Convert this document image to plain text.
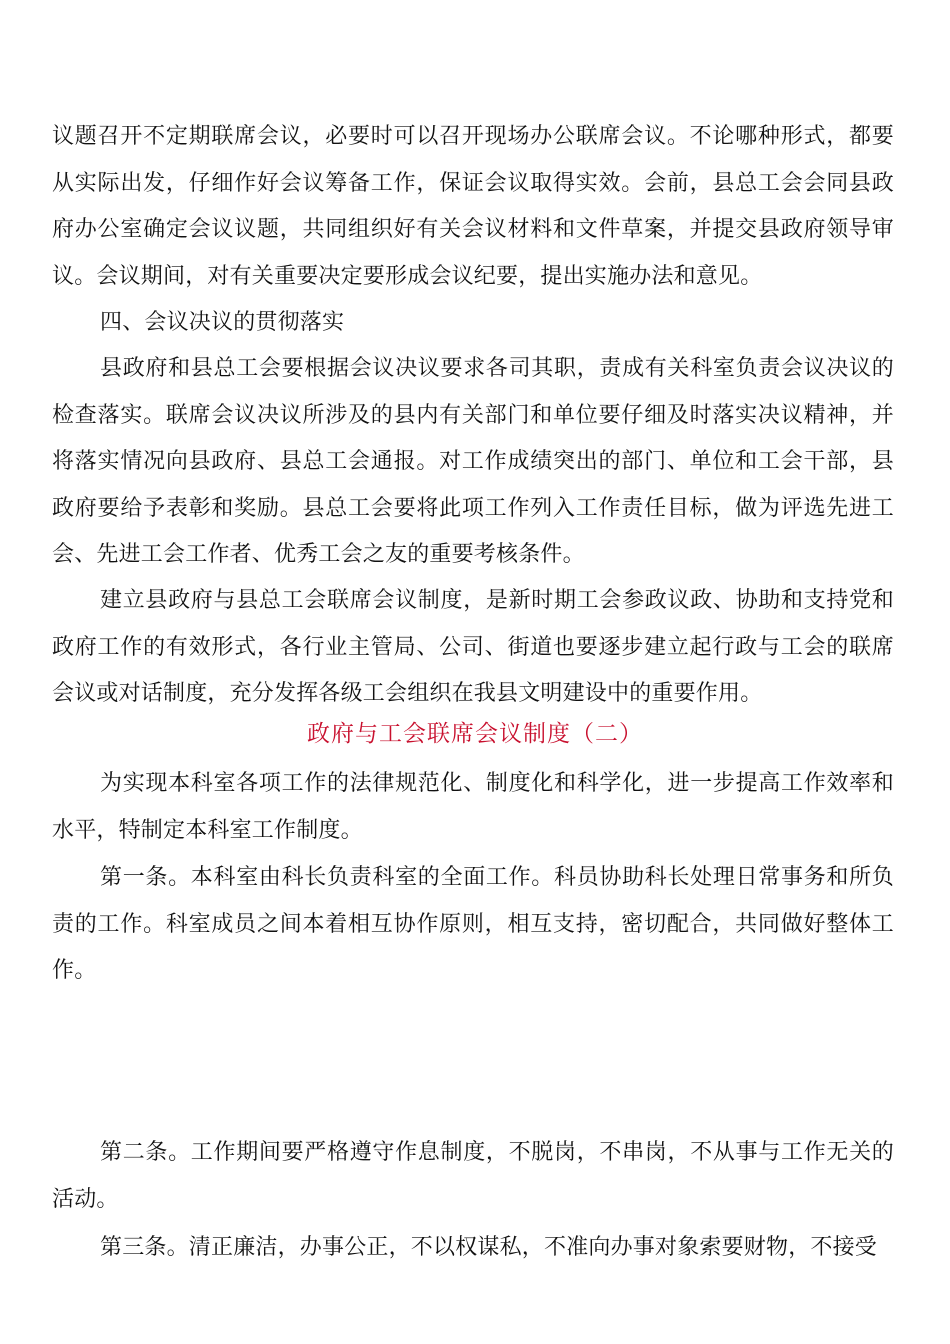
议题召开不定期联席会议，必要时可以召开现场办公联席会议。不论哪种形式，都要从实际出发，仔细作好会议筹备工作，保证会议取得实效。会前，县总工会会同县政府办公室确定会议议题，共同组织好有关会议材料和文件草案，并提交县政府领导审议。会议期间，对有关重要决定要形成会议纪要，提出实施办法和意见。

四、会议决议的贯彻落实

县政府和县总工会要根据会议决议要求各司其职，责成有关科室负责会议决议的检查落实。联席会议决议所涉及的县内有关部门和单位要仔细及时落实决议精神，并将落实情况向县政府、县总工会通报。对工作成绩突出的部门、单位和工会干部，县政府要给予表彰和奖励。县总工会要将此项工作列入工作责任目标，做为评选先进工会、先进工会工作者、优秀工会之友的重要考核条件。

建立县政府与县总工会联席会议制度，是新时期工会参政议政、协助和支持党和政府工作的有效形式，各行业主管局、公司、街道也要逐步建立起行政与工会的联席会议或对话制度，充分发挥各级工会组织在我县文明建设中的重要作用。

政府与工会联席会议制度（二）

为实现本科室各项工作的法律规范化、制度化和科学化，进一步提高工作效率和水平，特制定本科室工作制度。

第一条。本科室由科长负责科室的全面工作。科员协助科长处理日常事务和所负责的工作。科室成员之间本着相互协作原则，相互支持，密切配合，共同做好整体工作。

第二条。工作期间要严格遵守作息制度，不脱岗，不串岗，不从事与工作无关的活动。

第三条。清正廉洁，办事公正，不以权谋私，不准向办事对象索要财物，不接受
